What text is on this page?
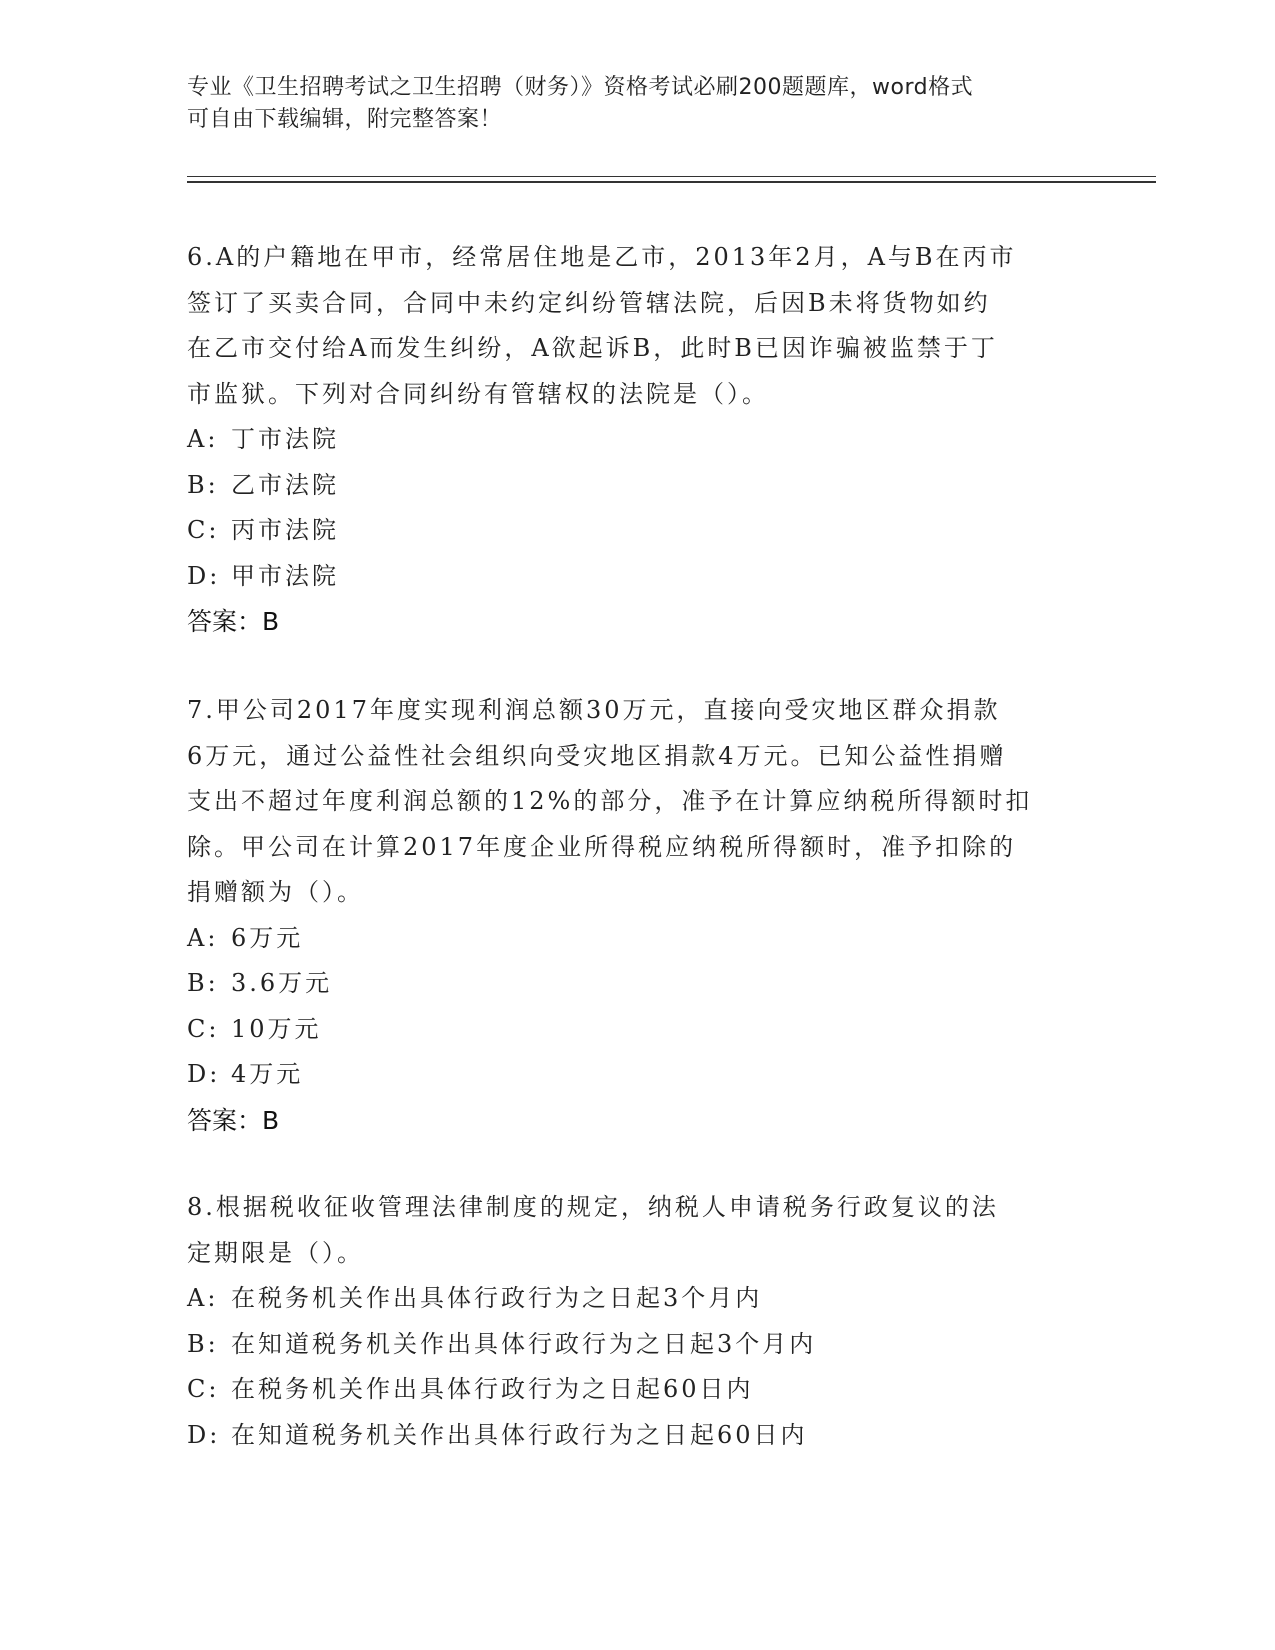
专业《卫生招聘考试之卫生招聘（财务）》资格考试必刷200题题库，word格式
可自由下载编辑，附完整答案！

6.A的户籍地在甲市，经常居住地是乙市，2013年2月，A与B在丙市

签订了买卖合同，合同中未约定纠纷管辖法院，后因B未将货物如约

在乙市交付给A而发生纠纷，A欲起诉B，此时B已因诈骗被监禁于丁

市监狱。下列对合同纠纷有管辖权的法院是（）。

A: 丁市法院
B: 乙市法院
C: 丙市法院
D: 甲市法院

答案：B

7.甲公司2017年度实现利润总额30万元，直接向受灾地区群众捐款

6万元，通过公益性社会组织向受灾地区捐款4万元。已知公益性捐赠

支出不超过年度利润总额的12%的部分，准予在计算应纳税所得额时扣

除。甲公司在计算2017年度企业所得税应纳税所得额时，准予扣除的

捐赠额为（）。

A: 6万元
B: 3.6万元
C: 10万元
D: 4万元

答案：B

8.根据税收征收管理法律制度的规定，纳税人申请税务行政复议的法

定期限是（）。

A: 在税务机关作出具体行政行为之日起3个月内
B: 在知道税务机关作出具体行政行为之日起3个月内
C: 在税务机关作出具体行政行为之日起60日内
D: 在知道税务机关作出具体行政行为之日起60日内
